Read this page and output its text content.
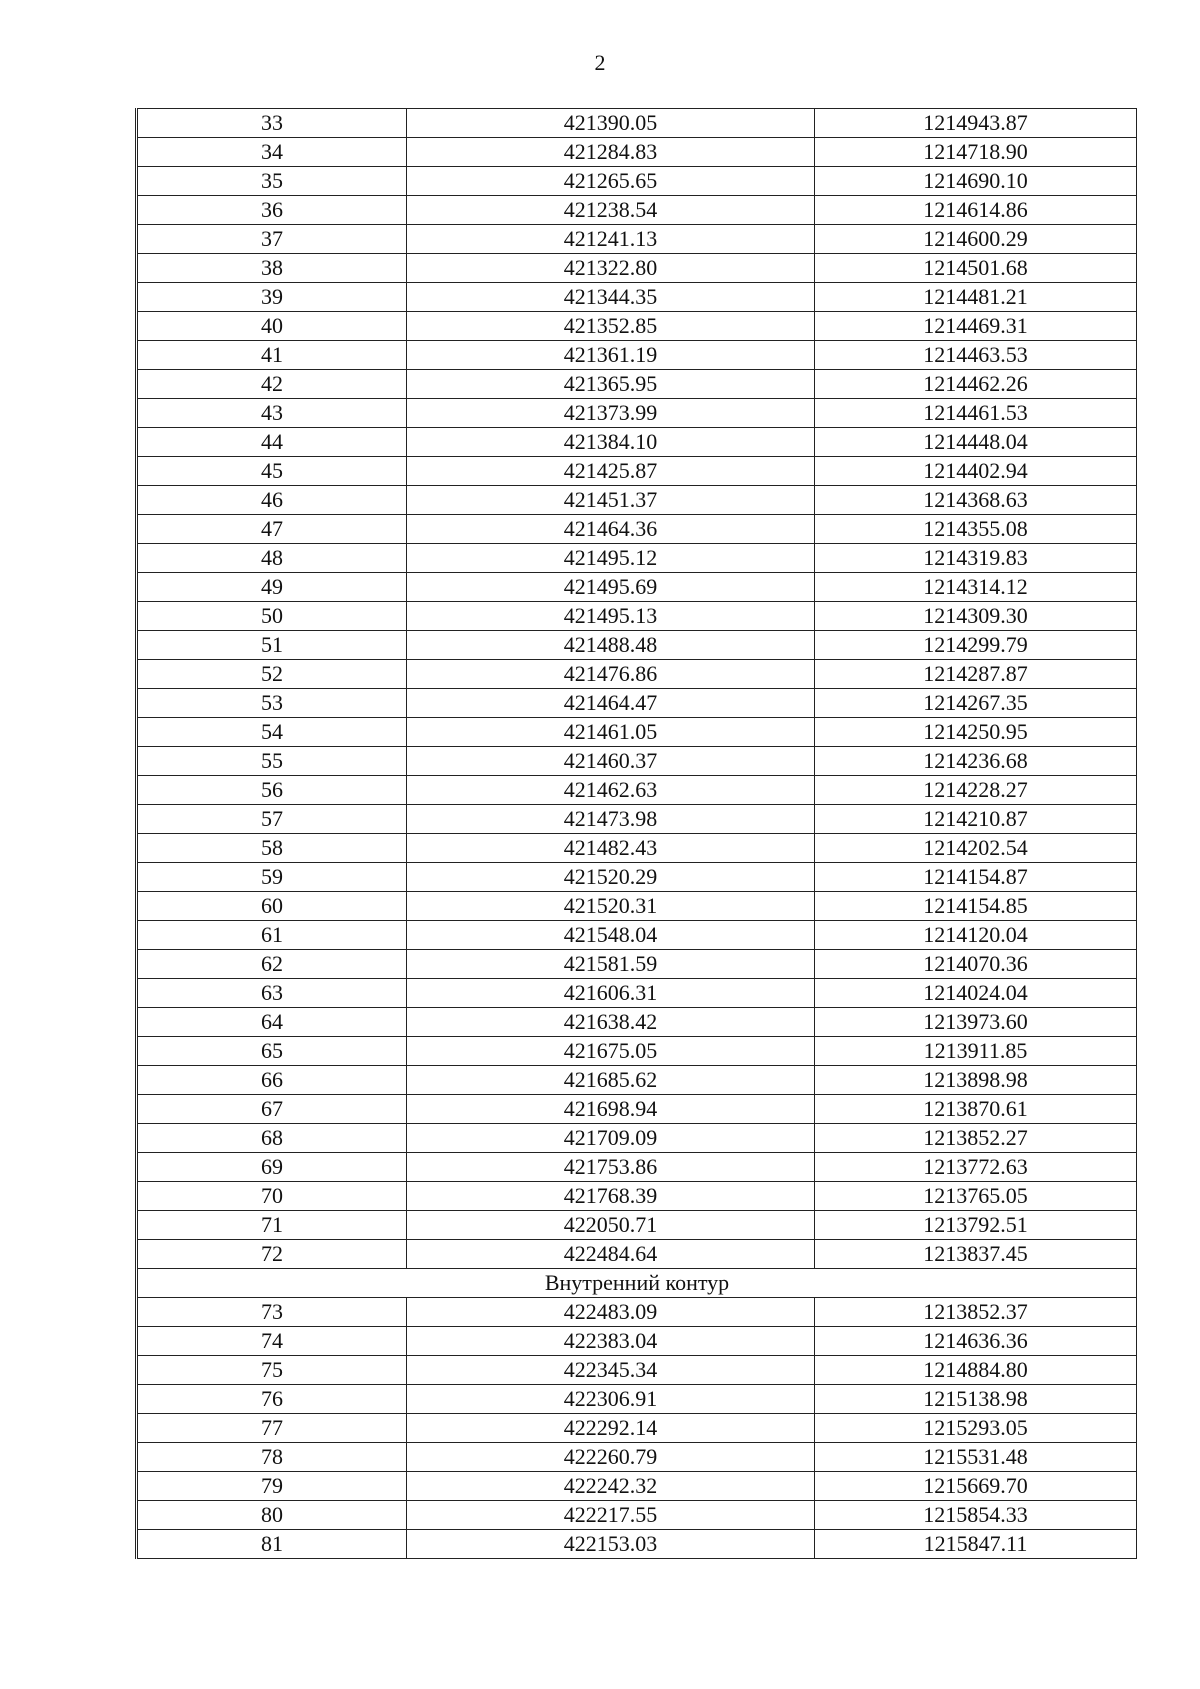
2
33	421390.05	1214943.87
34	421284.83	1214718.90
35	421265.65	1214690.10
36	421238.54	1214614.86
37	421241.13	1214600.29
38	421322.80	1214501.68
39	421344.35	1214481.21
40	421352.85	1214469.31
41	421361.19	1214463.53
42	421365.95	1214462.26
43	421373.99	1214461.53
44	421384.10	1214448.04
45	421425.87	1214402.94
46	421451.37	1214368.63
47	421464.36	1214355.08
48	421495.12	1214319.83
49	421495.69	1214314.12
50	421495.13	1214309.30
51	421488.48	1214299.79
52	421476.86	1214287.87
53	421464.47	1214267.35
54	421461.05	1214250.95
55	421460.37	1214236.68
56	421462.63	1214228.27
57	421473.98	1214210.87
58	421482.43	1214202.54
59	421520.29	1214154.87
60	421520.31	1214154.85
61	421548.04	1214120.04
62	421581.59	1214070.36
63	421606.31	1214024.04
64	421638.42	1213973.60
65	421675.05	1213911.85
66	421685.62	1213898.98
67	421698.94	1213870.61
68	421709.09	1213852.27
69	421753.86	1213772.63
70	421768.39	1213765.05
71	422050.71	1213792.51
72	422484.64	1213837.45
Внутренний контур		
73	422483.09	1213852.37
74	422383.04	1214636.36
75	422345.34	1214884.80
76	422306.91	1215138.98
77	422292.14	1215293.05
78	422260.79	1215531.48
79	422242.32	1215669.70
80	422217.55	1215854.33
81	422153.03	1215847.11
